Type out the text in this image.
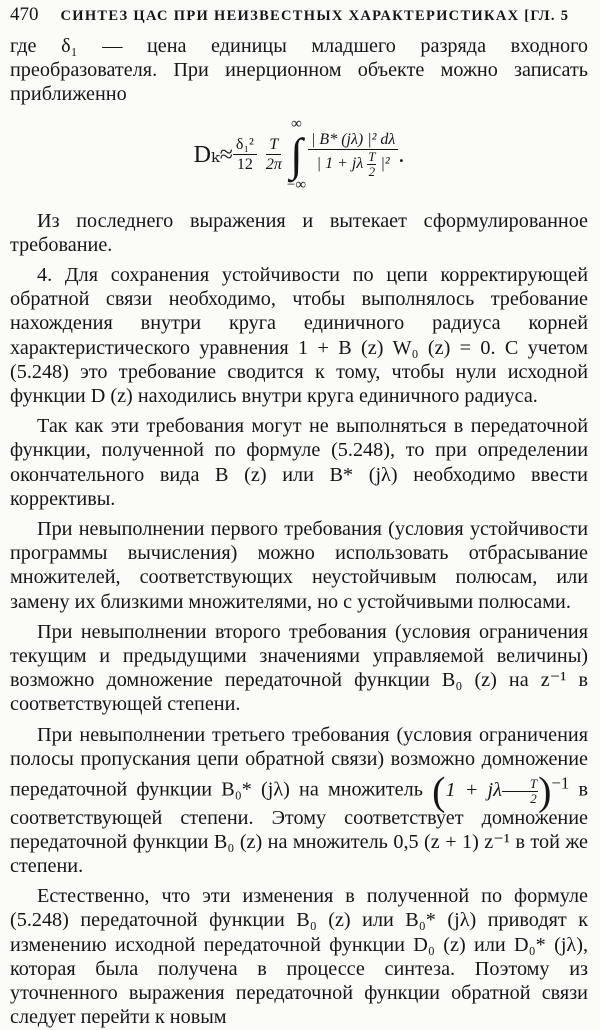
470 СИНТЕЗ ЦАС ПРИ НЕИЗВЕСТНЫХ ХАРАКТЕРИСТИКАХ [ГЛ. 5

где δ₁ — цена единицы младшего разряда входного преобразователя. При инерционном объекте можно записать приближенно

$D_k \approx \frac{\text{δ₁²}}{12} \frac{T}{2\pi}$
∞
∫
−∞
| B* (jλ) |² dλ
| 1 + jλ $\frac{T}{2} |^2$ .

Из последнего выражения и вытекает сформулированное требование.

4. Для сохранения устойчивости по цепи корректирующей обратной связи необходимо, чтобы выполнялось требование нахождения внутри круга единичного радиуса корней характеристического уравнения 1 + B (z) W₀ (z) = 0. С учетом (5.248) это требование сводится к тому, чтобы нули исходной функции D (z) находились внутри круга единичного радиуса.

Так как эти требования могут не выполняться в передаточной функции, полученной по формуле (5.248), то при определении окончательного вида B (z) или B* (jλ) необходимо ввести коррективы.

При невыполнении первого требования (условия устойчивости программы вычисления) можно использовать отбрасывание множителей, соответствующих неустойчивым полюсам, или замену их близкими множителями, но с устойчивыми полюсами.

При невыполнении второго требования (условия ограничения текущим и предыдущими значениями управляемой величины) возможно домножение передаточной функции B₀ (z) на z⁻¹ в соответствующей степени.

При невыполнении третьего требования (условия ограничения полосы пропускания цепи обратной связи) возможно домножение передаточной функции B₀* (jλ) на множитель (1 + jλ $\frac{T}{2} )^{-1}$ в соответствующей степени. Этому соответствует домножение передаточной функции B₀ (z) на множитель 0,5 (z + 1) z⁻¹ в той же степени.

Естественно, что эти изменения в полученной по формуле (5.248) передаточной функции B₀ (z) или B₀* (jλ) приводят к изменению исходной передаточной функции D₀ (z) или D₀* (jλ), которая была получена в процессе синтеза. Поэтому из уточненного выражения передаточной функции обратной связи следует перейти к новым
